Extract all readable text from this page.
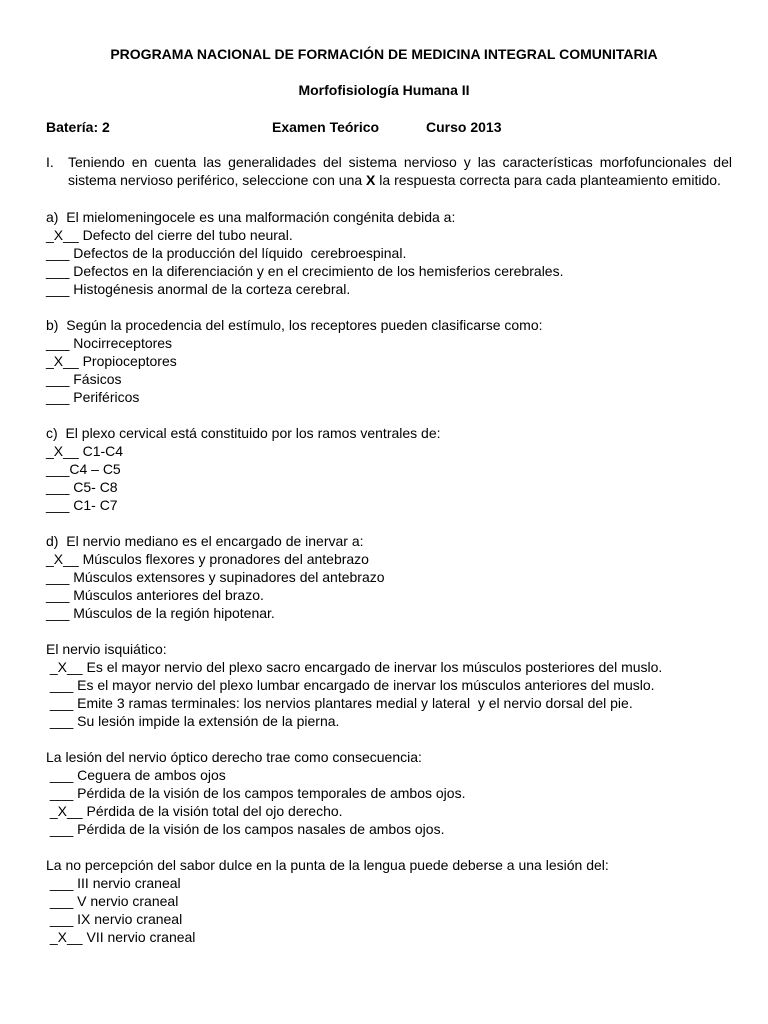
PROGRAMA NACIONAL DE FORMACIÓN DE MEDICINA INTEGRAL COMUNITARIA
Morfofisiología Humana II
Batería: 2	Examen Teórico	Curso 2013
I. Teniendo en cuenta las generalidades del sistema nervioso y las características morfofuncionales del sistema nervioso periférico, seleccione con una X la respuesta correcta para cada planteamiento emitido.
a)  El mielomeningocele es una malformación congénita debida a:
_X__ Defecto del cierre del tubo neural.
___ Defectos de la producción del líquido  cerebroespinal.
___ Defectos en la diferenciación y en el crecimiento de los hemisferios cerebrales.
___ Histogénesis anormal de la corteza cerebral.
b)  Según la procedencia del estímulo, los receptores pueden clasificarse como:
___ Nocirreceptores
_X__ Propioceptores
___ Fásicos
___ Periféricos
c)  El plexo cervical está constituido por los ramos ventrales de:
_X__ C1-C4
___C4 – C5
___ C5- C8
___ C1- C7
d)  El nervio mediano es el encargado de inervar a:
_X__ Músculos flexores y pronadores del antebrazo
___ Músculos extensores y supinadores del antebrazo
___ Músculos anteriores del brazo.
___ Músculos de la región hipotenar.
El nervio isquiático:
_X__ Es el mayor nervio del plexo sacro encargado de inervar los músculos posteriores del muslo.
___ Es el mayor nervio del plexo lumbar encargado de inervar los músculos anteriores del muslo.
___ Emite 3 ramas terminales: los nervios plantares medial y lateral  y el nervio dorsal del pie.
___ Su lesión impide la extensión de la pierna.
La lesión del nervio óptico derecho trae como consecuencia:
___ Ceguera de ambos ojos
___ Pérdida de la visión de los campos temporales de ambos ojos.
_X__ Pérdida de la visión total del ojo derecho.
___ Pérdida de la visión de los campos nasales de ambos ojos.
La no percepción del sabor dulce en la punta de la lengua puede deberse a una lesión del:
___ III nervio craneal
___ V nervio craneal
___ IX nervio craneal
_X__ VII nervio craneal
